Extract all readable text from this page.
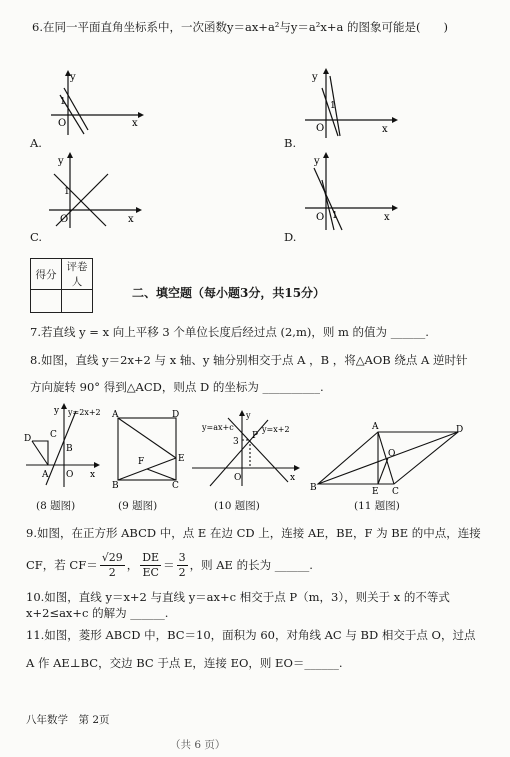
6.在同一平面直角坐标系中，一次函数y＝ax+a²与y＝a²x+a 的图象可能是(　　)
y
x
O
1
A.
y
x
O
1
B.
y
x
O
1
C.
y
x
O 1
D.
得分	评卷人

二、填空题（每小题3分，共15分）
7.若直线 y = x 向上平移 3 个单位长度后经过点 (2,m)，则 m 的值为 ______.
8.如图，直线 y＝2x+2 与 x 轴、y 轴分别相交于点 A ，B ，将△AOB 绕点 A 逆时针
方向旋转 90° 得到△ACD，则点 D 的坐标为 __________.
y=2x+2
y
D C
B
A O x
(8 题图)
A	D
E
F
B	C
(9 题图)
y
y=ax+c	y=x+2
P
3
O	x
(10 题图)
A	D
O
B	E C
(11 题图)
9.如图，在正方形 ABCD 中，点 E 在边 CD 上，连接 AE，BE，F 为 BE 的中点，连接
CF，若 $CF= \frac{√29}{2}$ ， $\frac{DE}{EC} = \frac{3}{2}$ ，则 AE 的长为 ______.
10.如图，直线 y＝x+2 与直线 y＝ax+c 相交于点 P（m，3），则关于 x 的不等式
x+2≤ax+c 的解为 ______.
11.如图，菱形 ABCD 中，BC＝10，面积为 60，对角线 AC 与 BD 相交于点 O，过点
A 作 AE⊥BC，交边 BC 于点 E，连接 EO，则 EO＝______.
八年数学　第 2页
（共 6 页）
